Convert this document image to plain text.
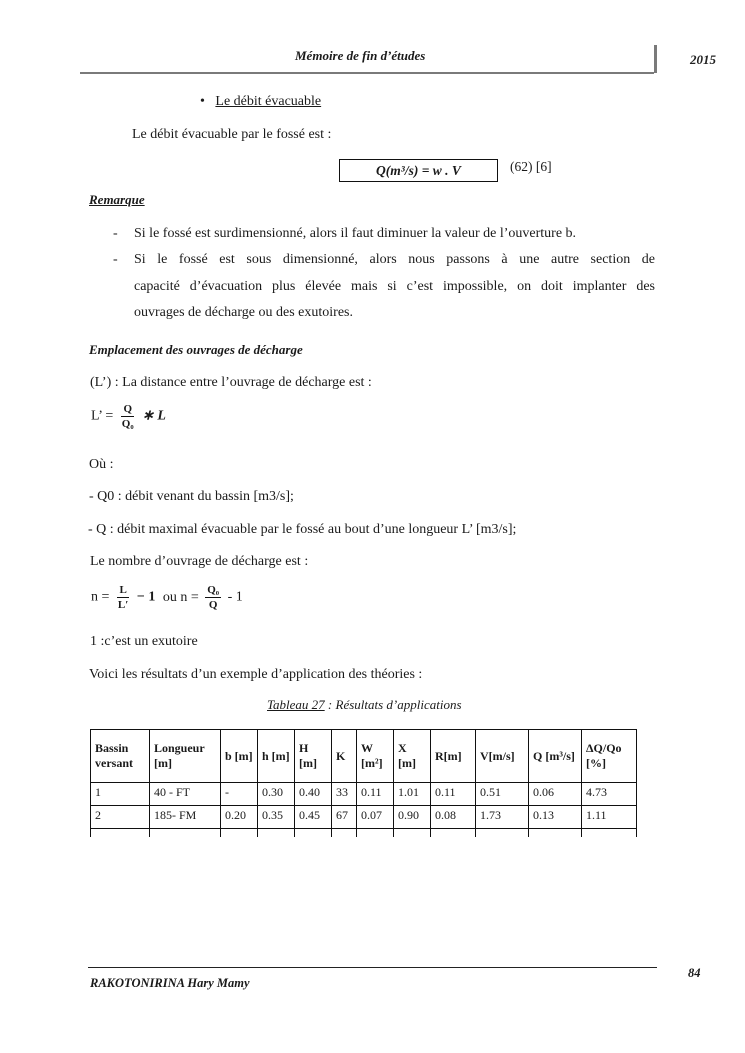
Mémoire de fin d’études	2015
•   Le débit évacuable
Le débit évacuable par le fossé est :
Q(m³/s) = w . V	(62) [6]
Remarque
- Si le fossé est surdimensionné, alors il faut diminuer la valeur de l’ouverture b.
- Si le fossé est sous dimensionné, alors nous passons à une autre section de
capacité d’évacuation plus élevée mais si c’est impossible, on doit implanter des
ouvrages de décharge ou des exutoires.
Emplacement des ouvrages de décharge
(L’) : La distance entre l’ouvrage de décharge est :
L’ = $\frac{Q}{\text{Q₀}}$ ∗ L
Où :
- Q0 : débit venant du bassin [m3/s];
- Q : débit maximal évacuable par le fossé au bout d’une longueur L’ [m3/s];
Le nombre d’ouvrage de décharge est :
$n = \frac{L}{L'} - 1$ ou $n = \frac{\text{Q₀}}{Q} - 1$
1 :c’est un exutoire
Voici les résultats d’un exemple d’application des théories :
Tableau 27 : Résultats d’applications
Bassin versant	Longueur [m]	b [m]	h [m]	H [m]	K	W [m²]	X [m]	R[m]	V[m/s]	Q [m³/s]	ΔQ/Qo [%]
1	40 - FT	-	0.30	0.40	33	0.11	1.01	0.11	0.51	0.06	4.73
2	185- FM	0.20	0.35	0.45	67	0.07	0.90	0.08	1.73	0.13	1.11

84
RAKOTONIRINA Hary Mamy
